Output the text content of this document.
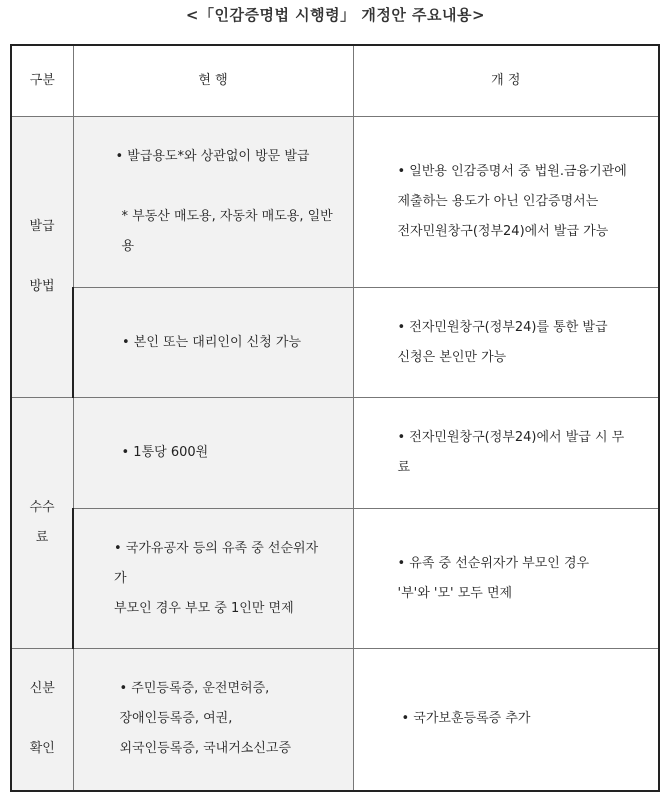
<「인감증명법 시행령」 개정안 주요내용>
구분	현 행	개 정

발급
방법	• 발급용도*와 상관없이 방문 발급
* 부동산 매도용, 자동차 매도용, 일반
용	• 일반용 인감증명서 중 법원.금융기관에
제출하는 용도가 아닌 인감증명서는
전자민원창구(정부24)에서 발급 가능

	• 본인 또는 대리인이 신청 가능	• 전자민원창구(정부24)를 통한 발급
신청은 본인만 가능

수수
료	• 1통당 600원	• 전자민원창구(정부24)에서 발급 시 무
료

	• 국가유공자 등의 유족 중 선순위자
가
부모인 경우 부모 중 1인만 면제	• 유족 중 선순위자가 부모인 경우
'부'와 '모' 모두 면제

신분
확인	• 주민등록증, 운전면허증,
장애인등록증, 여권,
외국인등록증, 국내거소신고증	• 국가보훈등록증 추가
